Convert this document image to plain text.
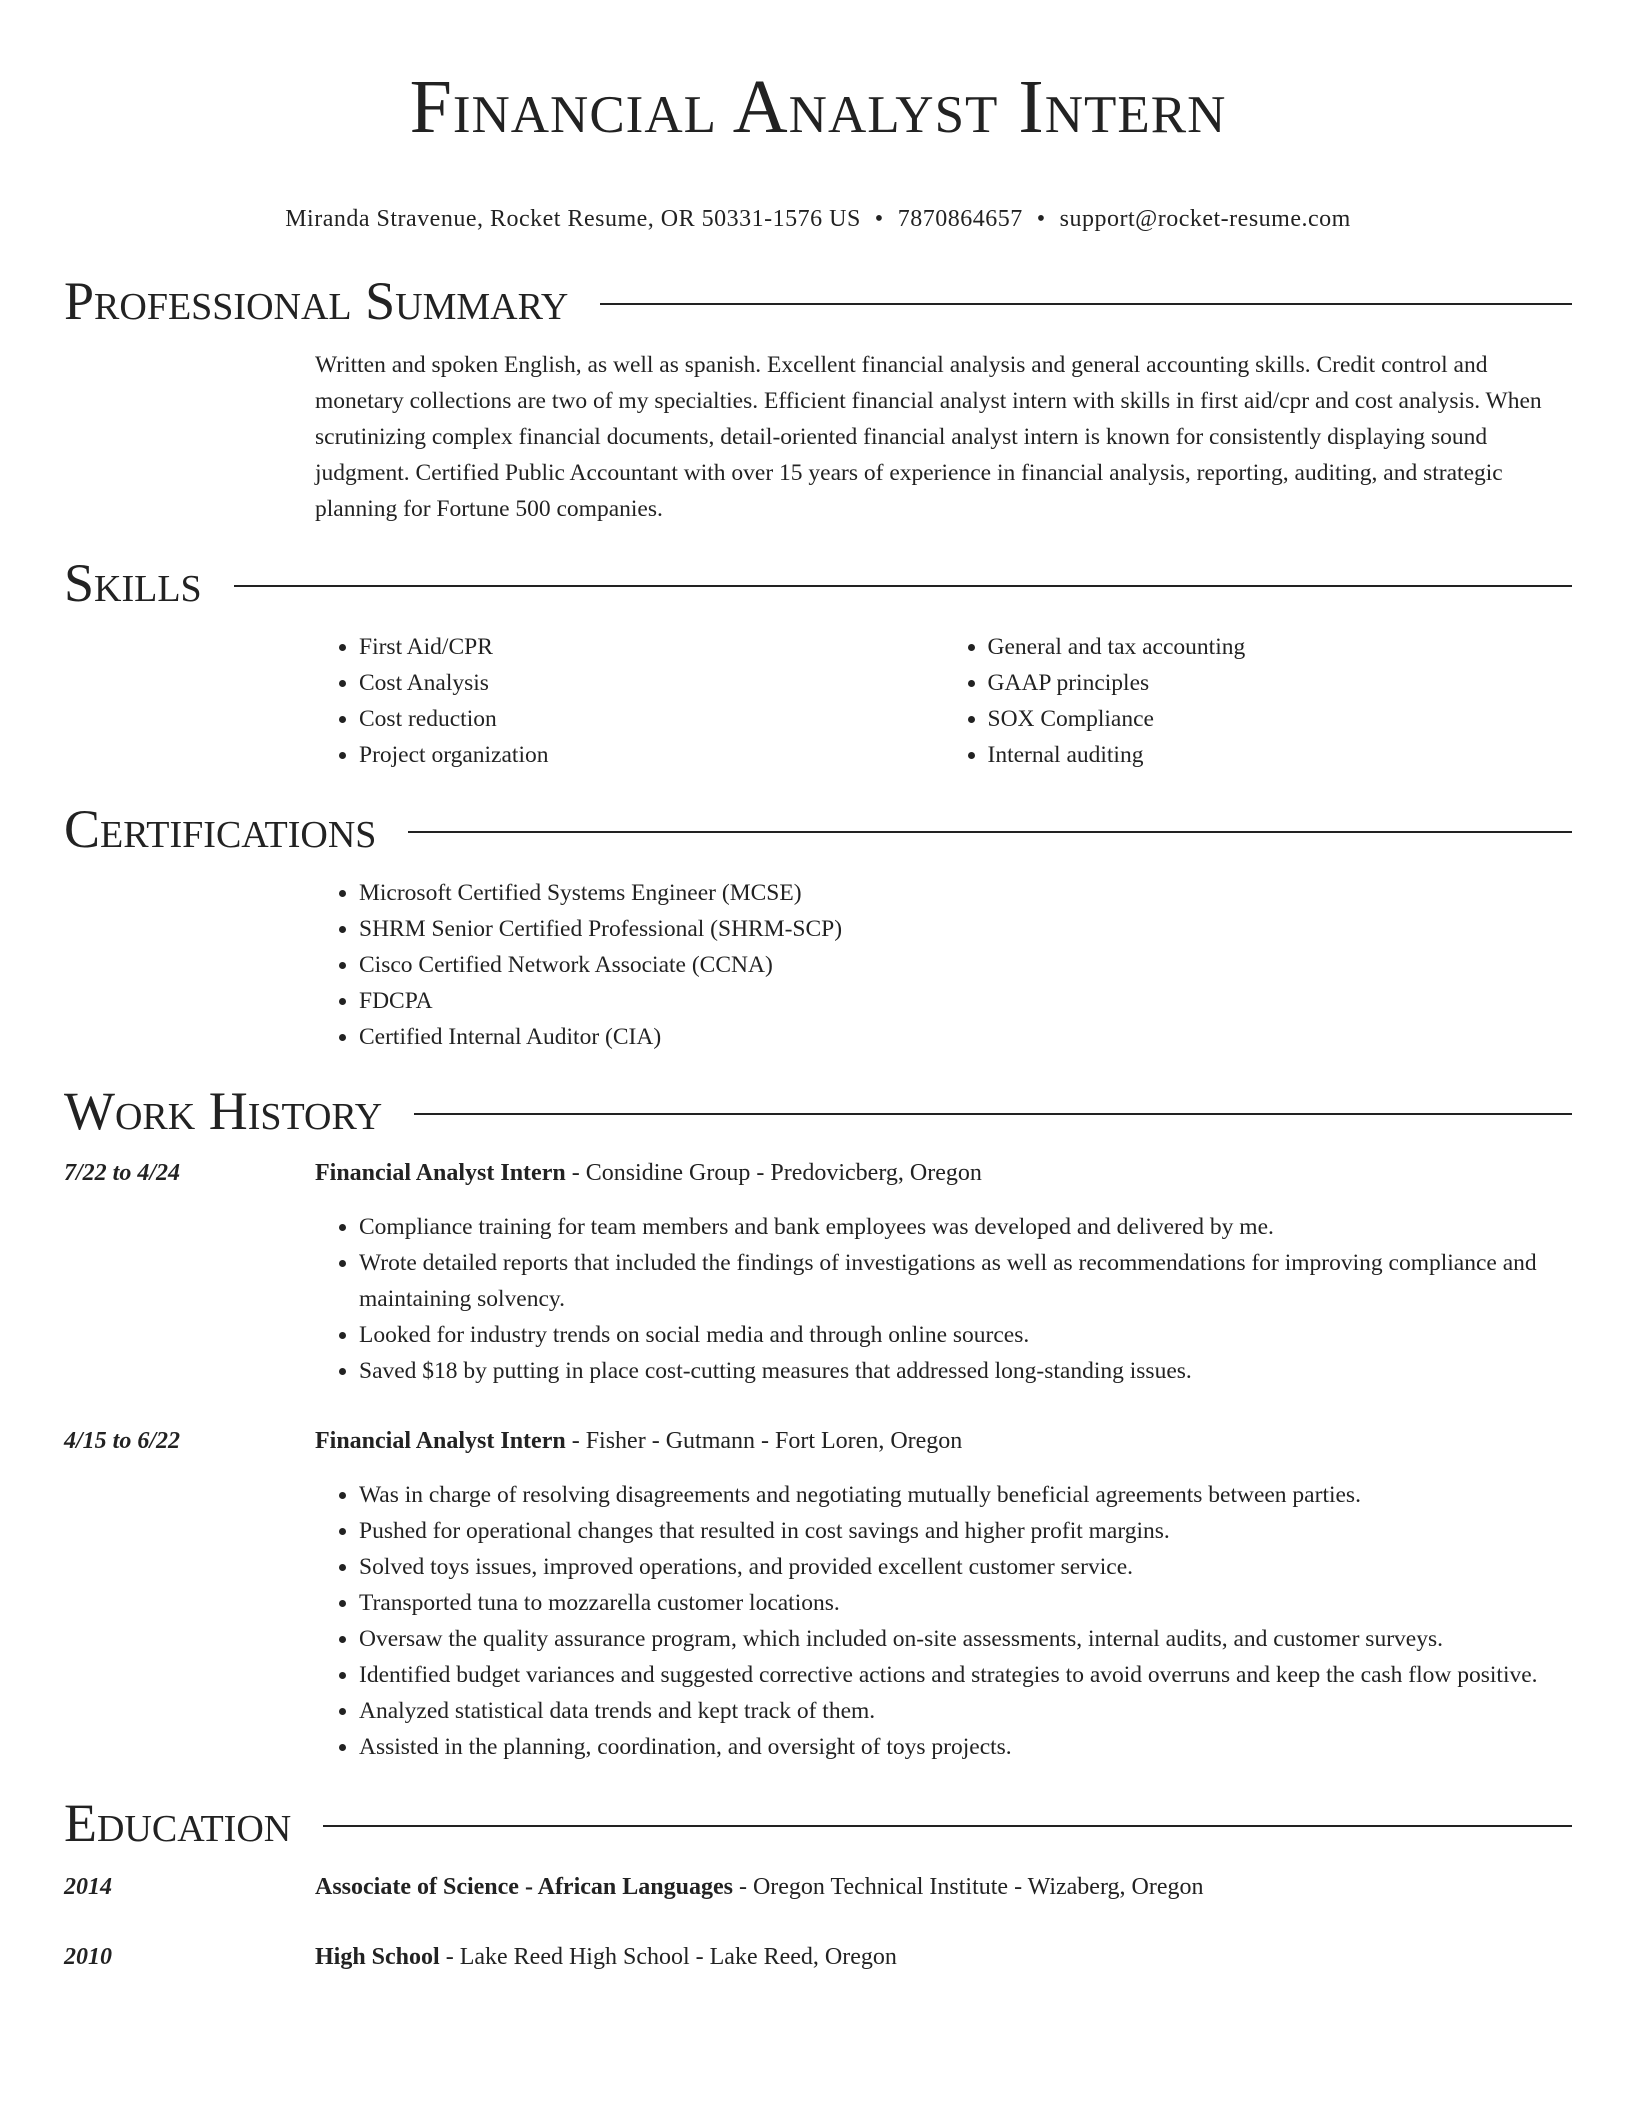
Financial Analyst Intern
Miranda Stravenue, Rocket Resume, OR 50331-1576 US • 7870864657 • support@rocket-resume.com
Professional Summary
Written and spoken English, as well as spanish. Excellent financial analysis and general accounting skills. Credit control and monetary collections are two of my specialties. Efficient financial analyst intern with skills in first aid/cpr and cost analysis. When scrutinizing complex financial documents, detail-oriented financial analyst intern is known for consistently displaying sound judgment. Certified Public Accountant with over 15 years of experience in financial analysis, reporting, auditing, and strategic planning for Fortune 500 companies.
Skills
• First Aid/CPR
• Cost Analysis
• Cost reduction
• Project organization
• General and tax accounting
• GAAP principles
• SOX Compliance
• Internal auditing
Certifications
• Microsoft Certified Systems Engineer (MCSE)
• SHRM Senior Certified Professional (SHRM-SCP)
• Cisco Certified Network Associate (CCNA)
• FDCPA
• Certified Internal Auditor (CIA)
Work History
7/22 to 4/24	Financial Analyst Intern - Considine Group - Predovicberg, Oregon
• Compliance training for team members and bank employees was developed and delivered by me.
• Wrote detailed reports that included the findings of investigations as well as recommendations for improving compliance and maintaining solvency.
• Looked for industry trends on social media and through online sources.
• Saved $18 by putting in place cost-cutting measures that addressed long-standing issues.
4/15 to 6/22	Financial Analyst Intern - Fisher - Gutmann - Fort Loren, Oregon
• Was in charge of resolving disagreements and negotiating mutually beneficial agreements between parties.
• Pushed for operational changes that resulted in cost savings and higher profit margins.
• Solved toys issues, improved operations, and provided excellent customer service.
• Transported tuna to mozzarella customer locations.
• Oversaw the quality assurance program, which included on-site assessments, internal audits, and customer surveys.
• Identified budget variances and suggested corrective actions and strategies to avoid overruns and keep the cash flow positive.
• Analyzed statistical data trends and kept track of them.
• Assisted in the planning, coordination, and oversight of toys projects.
Education
2014	Associate of Science - African Languages - Oregon Technical Institute - Wizaberg, Oregon
2010	High School - Lake Reed High School - Lake Reed, Oregon
